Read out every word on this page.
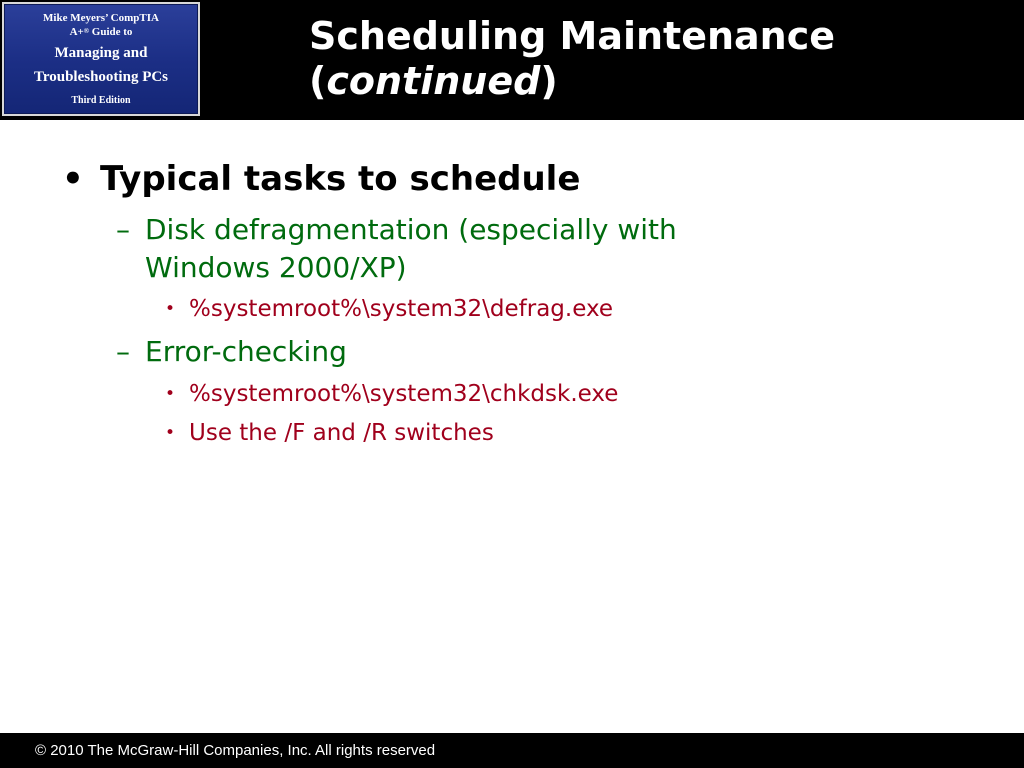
Mike Meyers’ CompTIA
A+® Guide to
Managing and
Troubleshooting PCs
Third Edition
Scheduling Maintenance
(continued)
• Typical tasks to schedule
– Disk defragmentation (especially with Windows 2000/XP)
• %systemroot%\system32\defrag.exe
– Error-checking
• %systemroot%\system32\chkdsk.exe
• Use the /F and /R switches
© 2010 The McGraw-Hill Companies, Inc. All rights reserved
